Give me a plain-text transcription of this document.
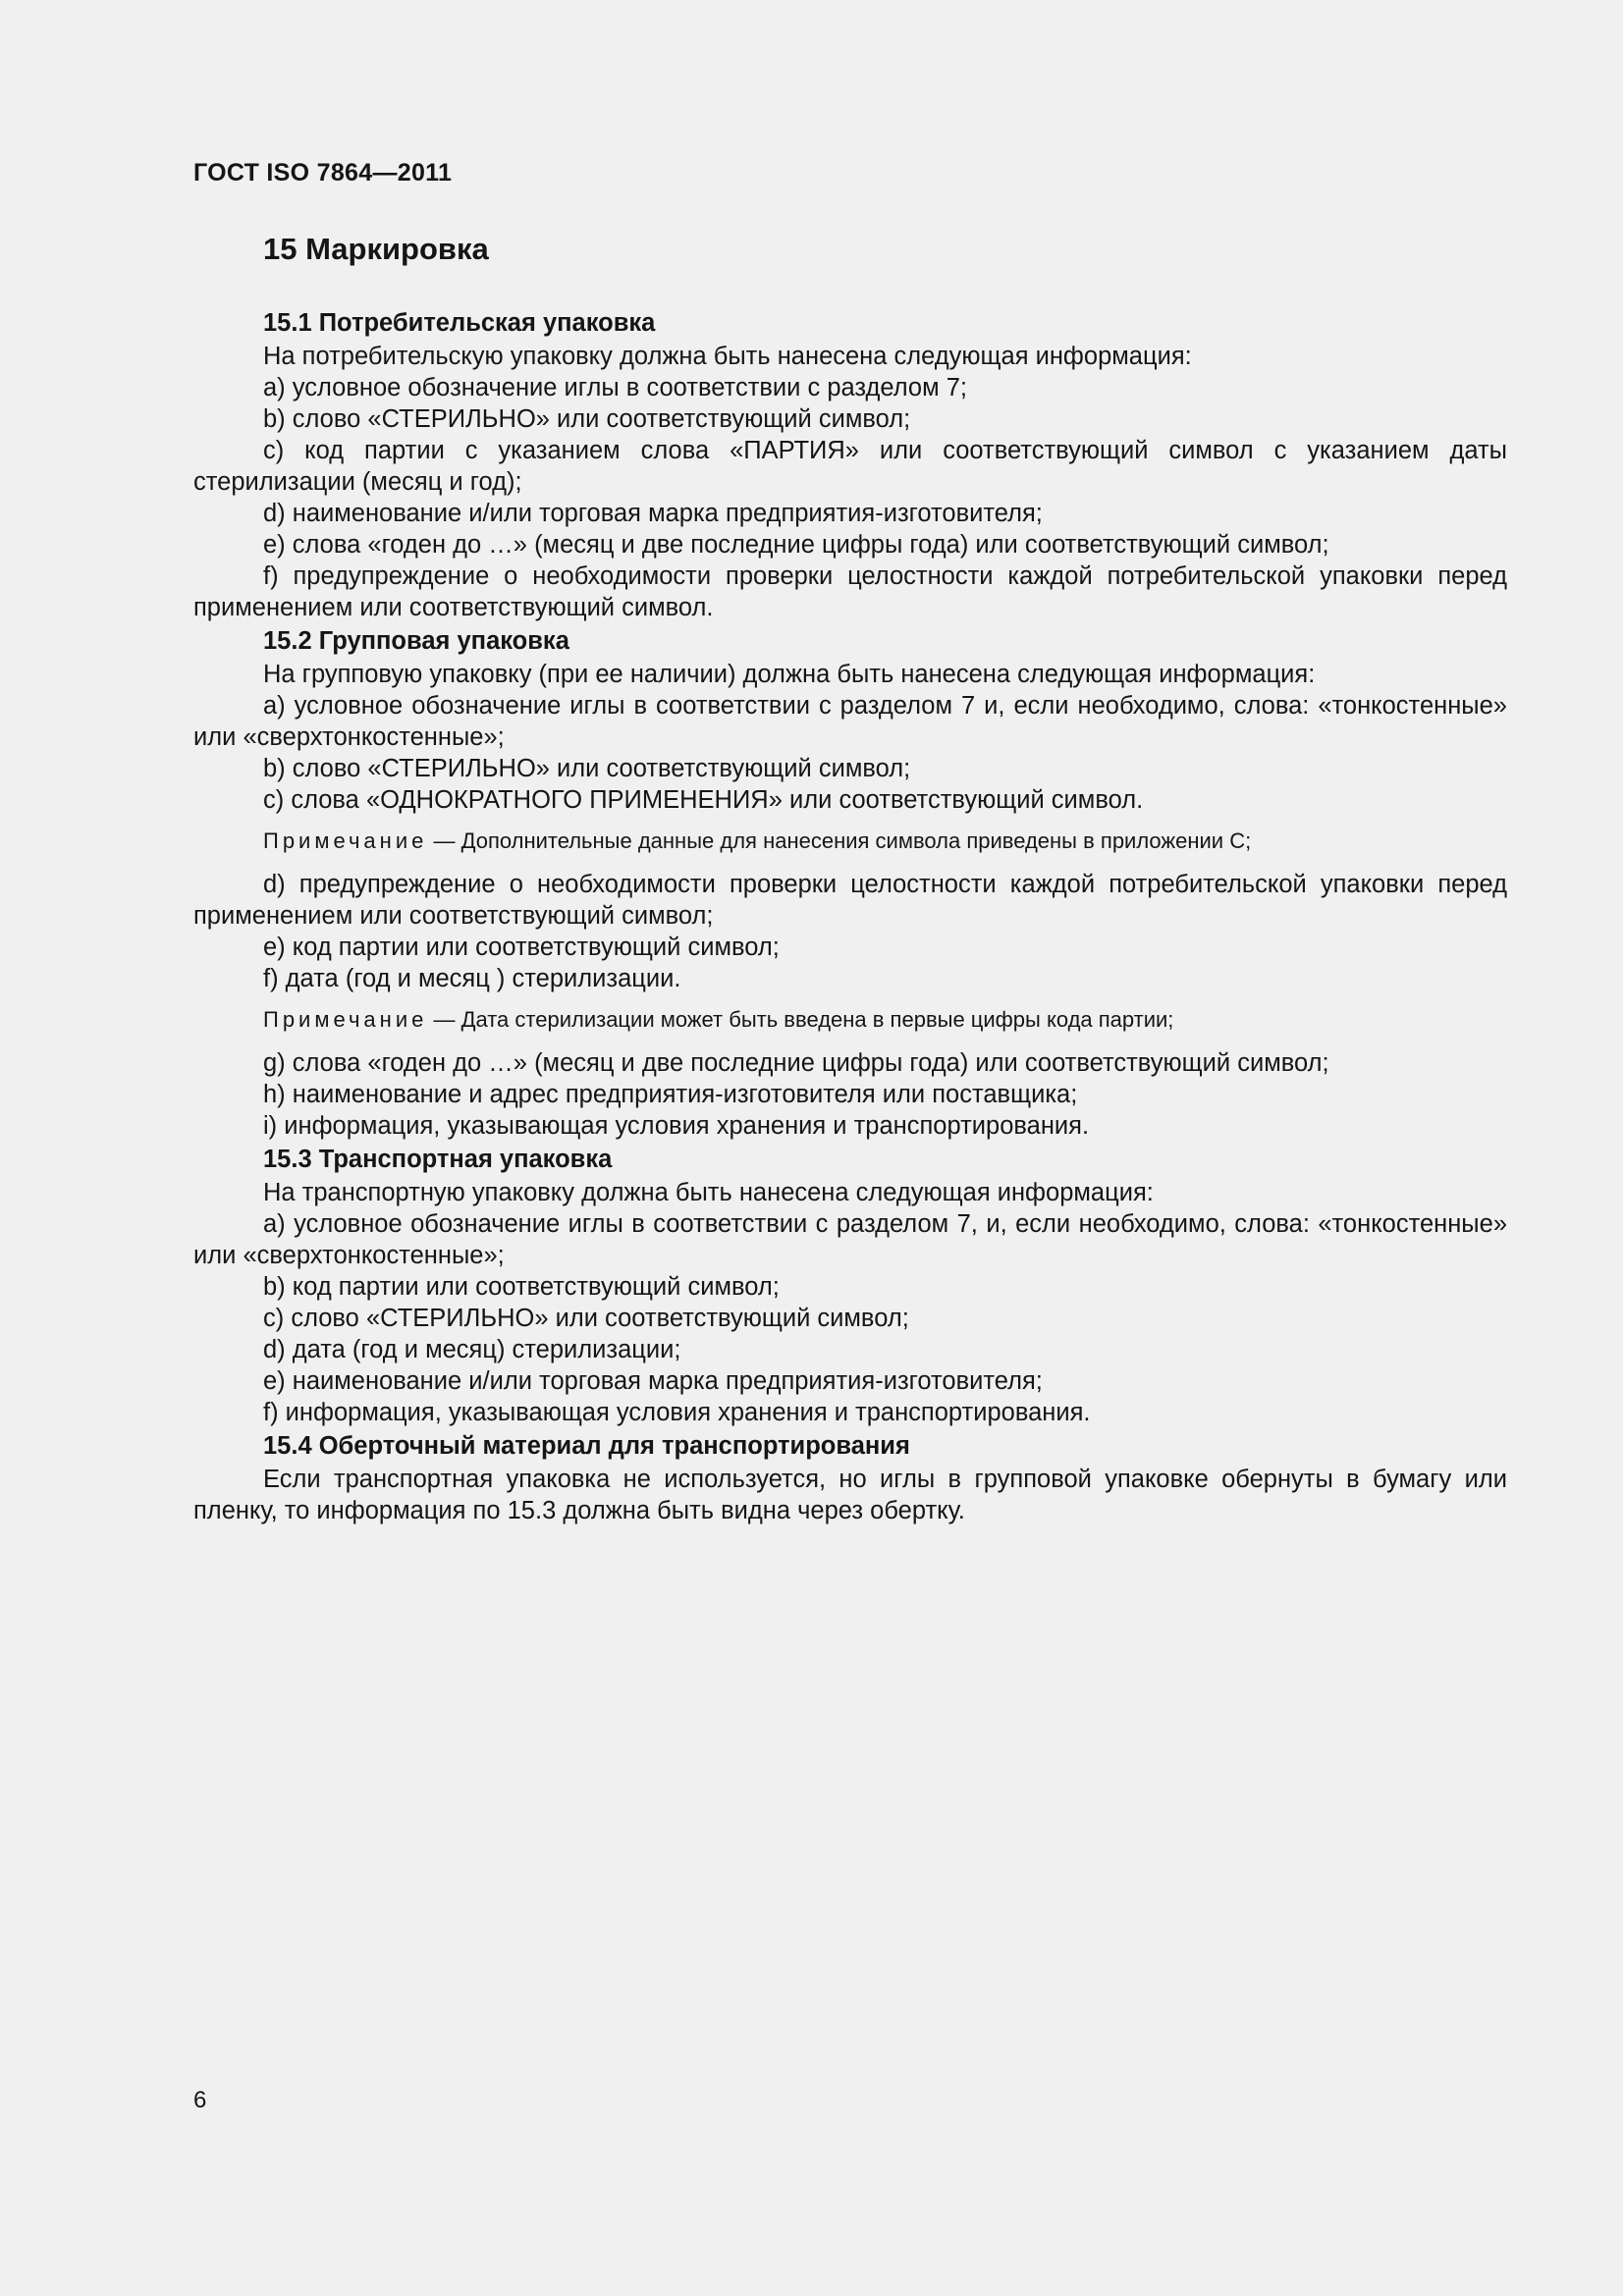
ГОСТ ISO 7864—2011
15 Маркировка

15.1 Потребительская упаковка

На потребительскую упаковку должна быть нанесена следующая информация:

a) условное обозначение иглы в соответствии с разделом 7;

b) слово «СТЕРИЛЬНО» или соответствующий символ;

c) код партии с указанием слова «ПАРТИЯ» или соответствующий символ с указанием даты стерилизации (месяц и год);

d) наименование и/или торговая марка предприятия-изготовителя;

e) слова «годен до …» (месяц и две последние цифры года) или соответствующий символ;

f) предупреждение о необходимости проверки целостности каждой потребительской упаковки перед применением или соответствующий символ.

15.2 Групповая упаковка

На групповую упаковку (при ее наличии) должна быть нанесена следующая информация:

a) условное обозначение иглы в соответствии с разделом 7 и, если необходимо, слова: «тонкостенные» или «сверхтонкостенные»;

b) слово «СТЕРИЛЬНО» или соответствующий символ;

c) слова «ОДНОКРАТНОГО ПРИМЕНЕНИЯ» или соответствующий символ.

Примечание — Дополнительные данные для нанесения символа приведены в приложении С;

d) предупреждение о необходимости проверки целостности каждой потребительской упаковки перед применением или соответствующий символ;

e) код партии или соответствующий символ;

f) дата (год и месяц ) стерилизации.

Примечание — Дата стерилизации может быть введена в первые цифры кода партии;

g) слова «годен до …» (месяц и две последние цифры года) или соответствующий символ;

h) наименование и адрес предприятия-изготовителя или поставщика;

i) информация, указывающая условия хранения и транспортирования.

15.3 Транспортная упаковка

На транспортную упаковку должна быть нанесена следующая информация:

a) условное обозначение иглы в соответствии с разделом 7, и, если необходимо, слова: «тонкостенные» или «сверхтонкостенные»;

b) код партии или соответствующий символ;

c) слово «СТЕРИЛЬНО» или соответствующий символ;

d) дата (год и месяц) стерилизации;

e) наименование и/или торговая марка предприятия-изготовителя;

f) информация, указывающая условия хранения и транспортирования.

15.4 Оберточный материал для транспортирования

Если транспортная упаковка не используется, но иглы в групповой упаковке обернуты в бумагу или пленку, то информация по 15.3 должна быть видна через обертку.

6
